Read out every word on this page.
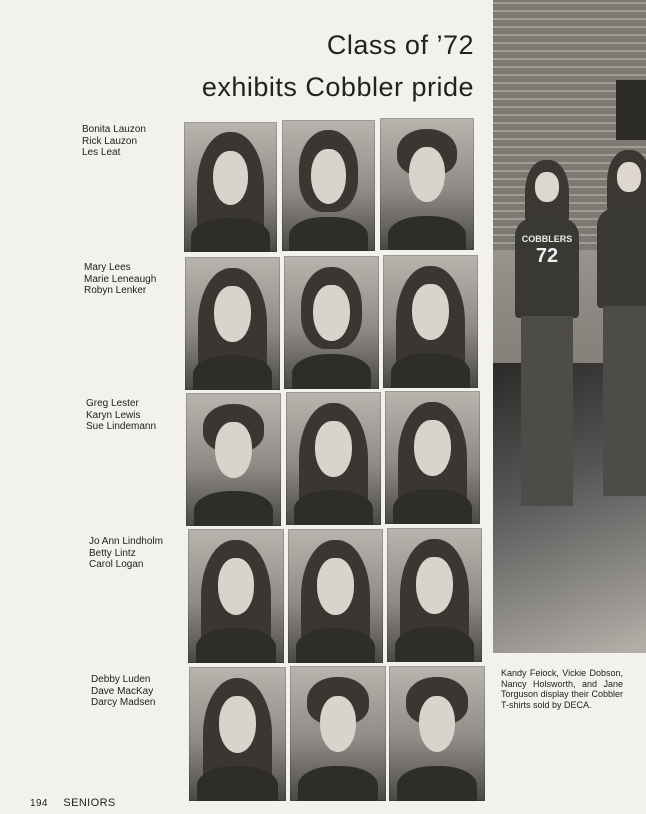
Class of ’72
exhibits Cobbler pride
Bonita Lauzon
Rick Lauzon
Les Leat
Mary Lees
Marie Leneaugh
Robyn Lenker
Greg Lester
Karyn Lewis
Sue Lindemann
Jo Ann Lindholm
Betty Lintz
Carol Logan
Debby Luden
Dave MacKay
Darcy Madsen
COBBLERS
72
Kandy Feiock, Vickie Dobson, Nancy Holsworth, and Jane Torguson display their Cobbler T-shirts sold by DECA.
194 SENIORS
